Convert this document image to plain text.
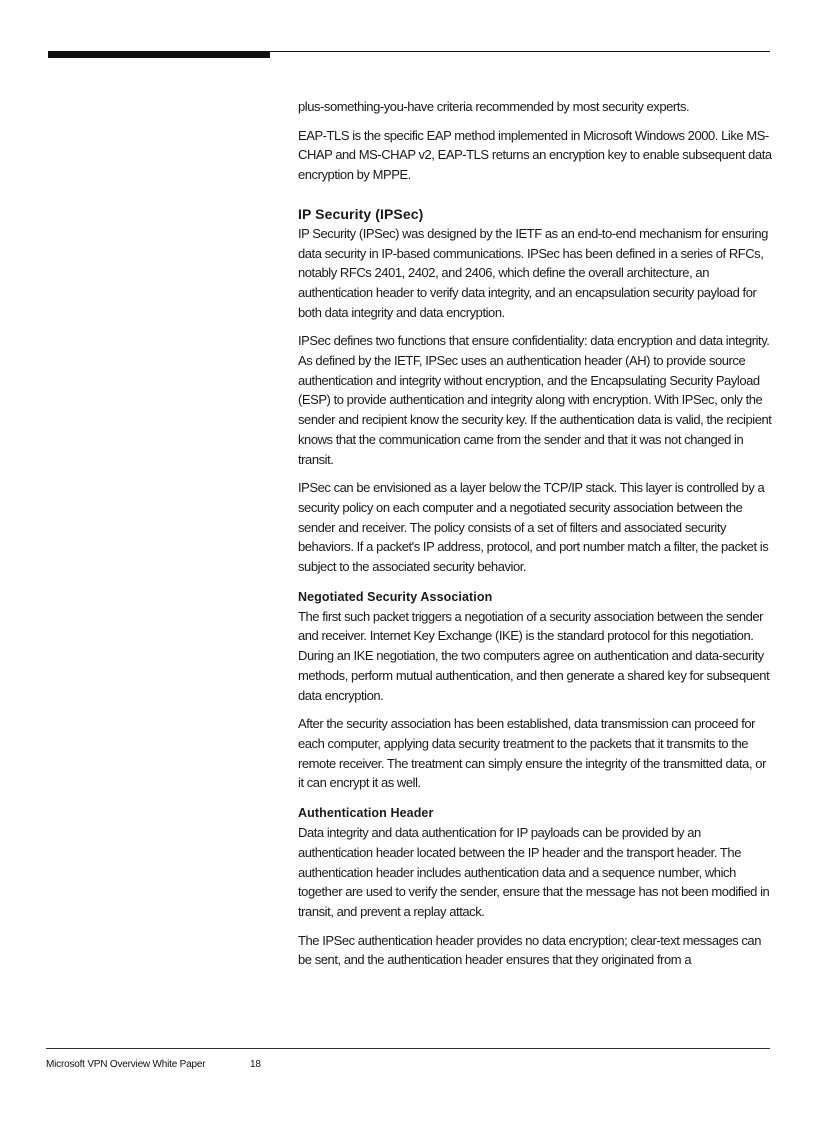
plus-something-you-have criteria recommended by most security experts.

EAP-TLS is the specific EAP method implemented in Microsoft Windows 2000. Like MS-CHAP and MS-CHAP v2, EAP-TLS returns an encryption key to enable subsequent data encryption by MPPE.

IP Security (IPSec)

IP Security (IPSec) was designed by the IETF as an end-to-end mechanism for ensuring data security in IP-based communications. IPSec has been defined in a series of RFCs, notably RFCs 2401, 2402, and 2406, which define the overall architecture, an authentication header to verify data integrity, and an encapsulation security payload for both data integrity and data encryption.

IPSec defines two functions that ensure confidentiality: data encryption and data integrity. As defined by the IETF, IPSec uses an authentication header (AH) to provide source authentication and integrity without encryption, and the Encapsulating Security Payload (ESP) to provide authentication and integrity along with encryption. With IPSec, only the sender and recipient know the security key. If the authentication data is valid, the recipient knows that the communication came from the sender and that it was not changed in transit.

IPSec can be envisioned as a layer below the TCP/IP stack. This layer is controlled by a security policy on each computer and a negotiated security association between the sender and receiver. The policy consists of a set of filters and associated security behaviors. If a packet's IP address, protocol, and port number match a filter, the packet is subject to the associated security behavior.

Negotiated Security Association

The first such packet triggers a negotiation of a security association between the sender and receiver. Internet Key Exchange (IKE) is the standard protocol for this negotiation. During an IKE negotiation, the two computers agree on authentication and data-security methods, perform mutual authentication, and then generate a shared key for subsequent data encryption.

After the security association has been established, data transmission can proceed for each computer, applying data security treatment to the packets that it transmits to the remote receiver. The treatment can simply ensure the integrity of the transmitted data, or it can encrypt it as well.

Authentication Header

Data integrity and data authentication for IP payloads can be provided by an authentication header located between the IP header and the transport header. The authentication header includes authentication data and a sequence number, which together are used to verify the sender, ensure that the message has not been modified in transit, and prevent a replay attack.

The IPSec authentication header provides no data encryption; clear-text messages can be sent, and the authentication header ensures that they originated from a

Microsoft VPN Overview White Paper	18
